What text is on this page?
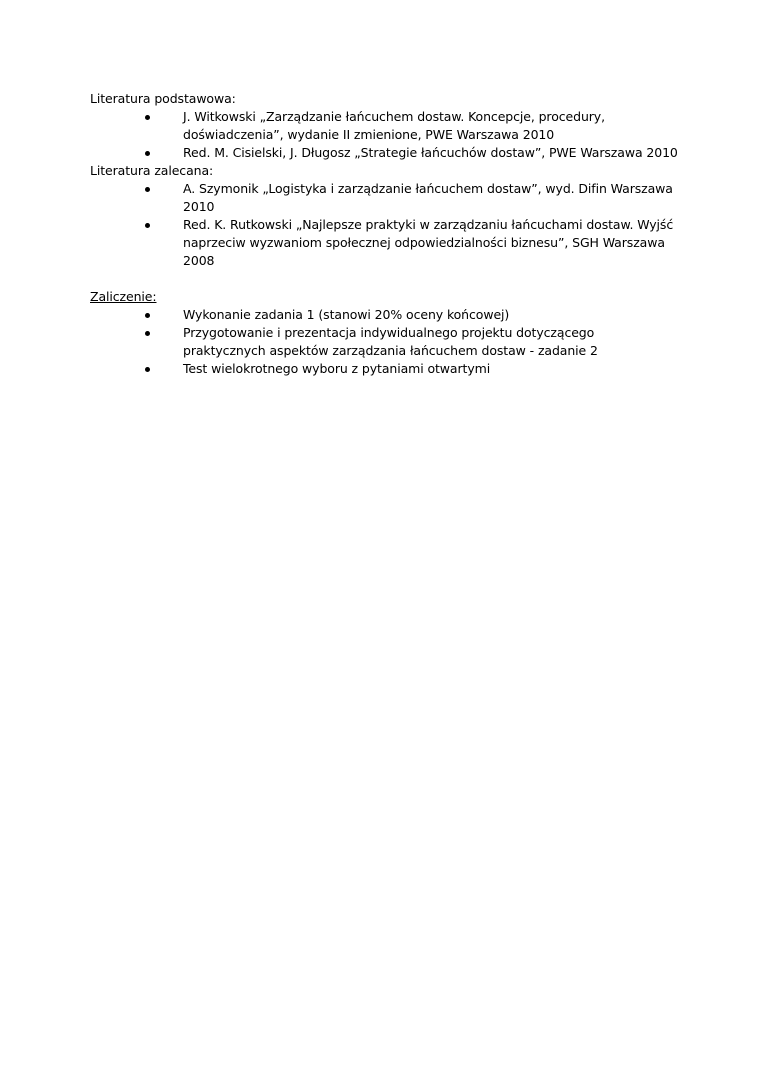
Literatura podstawowa:

J. Witkowski „Zarządzanie łańcuchem dostaw. Koncepcje, procedury, doświadczenia”, wydanie II zmienione, PWE Warszawa 2010
Red. M. Cisielski, J. Długosz „Strategie łańcuchów dostaw”, PWE Warszawa 2010

Literatura zalecana:

A. Szymonik „Logistyka i zarządzanie łańcuchem dostaw”, wyd. Difin Warszawa 2010
Red. K. Rutkowski „Najlepsze praktyki w zarządzaniu łańcuchami dostaw. Wyjść naprzeciw wyzwaniom społecznej odpowiedzialności biznesu”, SGH Warszawa 2008

Zaliczenie:

Wykonanie zadania 1 (stanowi 20% oceny końcowej)
Przygotowanie i prezentacja indywidualnego projektu dotyczącego praktycznych aspektów zarządzania łańcuchem dostaw - zadanie 2
Test wielokrotnego wyboru z pytaniami otwartymi
